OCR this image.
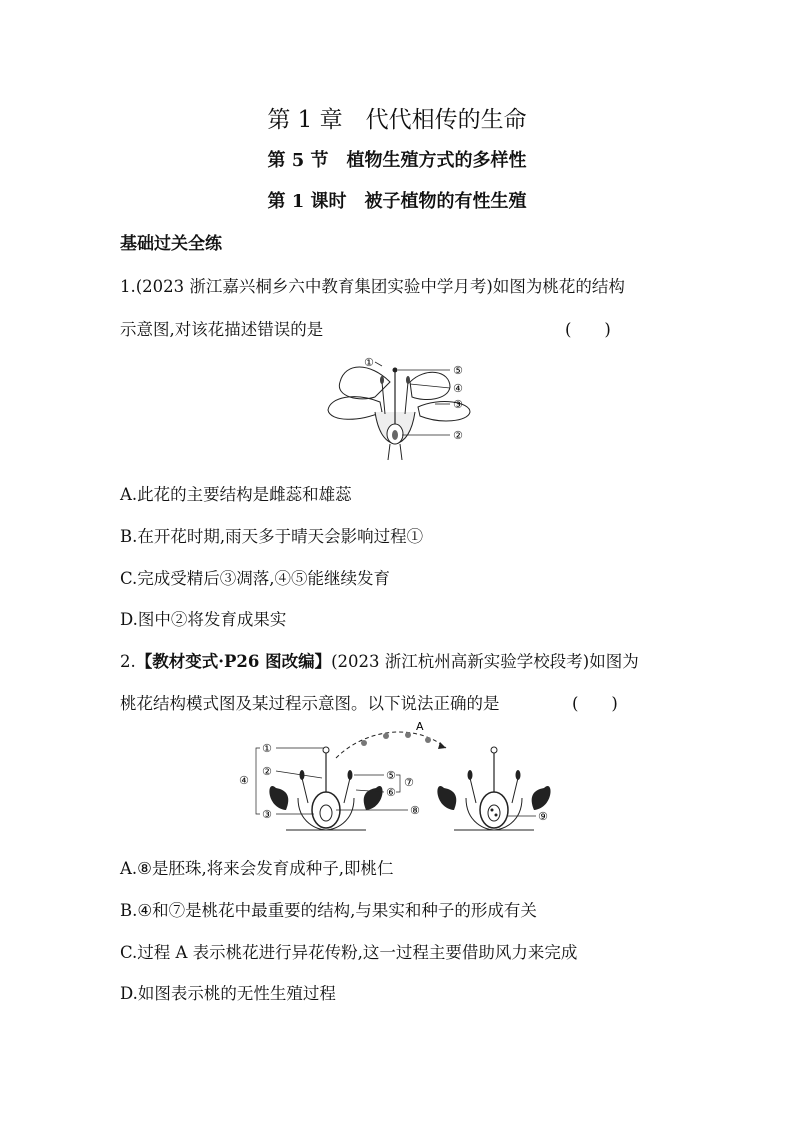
第 1 章　代代相传的生命
第 5 节　植物生殖方式的多样性
第 1 课时　被子植物的有性生殖
基础过关全练
1.(2023 浙江嘉兴桐乡六中教育集团实验中学月考)如图为桃花的结构
示意图,对该花描述错误的是	(　　)
①
⑤
④
③
②
A.此花的主要结构是雌蕊和雄蕊
B.在开花时期,雨天多于晴天会影响过程①
C.完成受精后③凋落,④⑤能继续发育
D.图中②将发育成果实
2.【教材变式·P26 图改编】(2023 浙江杭州高新实验学校段考)如图为
桃花结构模式图及某过程示意图。以下说法正确的是	(　　)
A
①
②
③
④	⑤
⑥
⑦
⑧	⑨
A.⑧是胚珠,将来会发育成种子,即桃仁
B.④和⑦是桃花中最重要的结构,与果实和种子的形成有关
C.过程 A 表示桃花进行异花传粉,这一过程主要借助风力来完成
D.如图表示桃的无性生殖过程
